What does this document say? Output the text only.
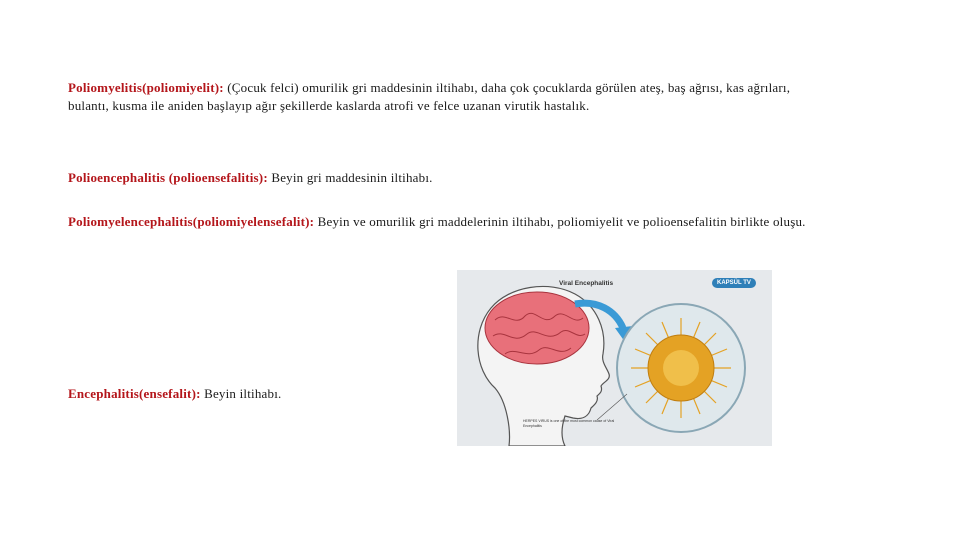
Poliomyelitis(poliomiyelit): (Çocuk felci) omurilik gri maddesinin iltihabı, daha çok çocuklarda görülen ateş, baş ağrısı, kas ağrıları, bulantı, kusma ile aniden başlayıp ağır şekillerde kaslarda atrofi ve felce uzanan virutik hastalık.

Polioencephalitis (polioensefalitis): Beyin gri maddesinin iltihabı.

Poliomyelencephalitis(poliomiyelensefalit): Beyin ve omurilik gri maddelerinin iltihabı, poliomiyelit ve polioensefalitin birlikte oluşu.

Viral Encephalitis	KAPSÜL TV
HERPES VIRUS is one of the most common cause of Viral Encephalitis

Encephalitis(ensefalit): Beyin iltihabı.
